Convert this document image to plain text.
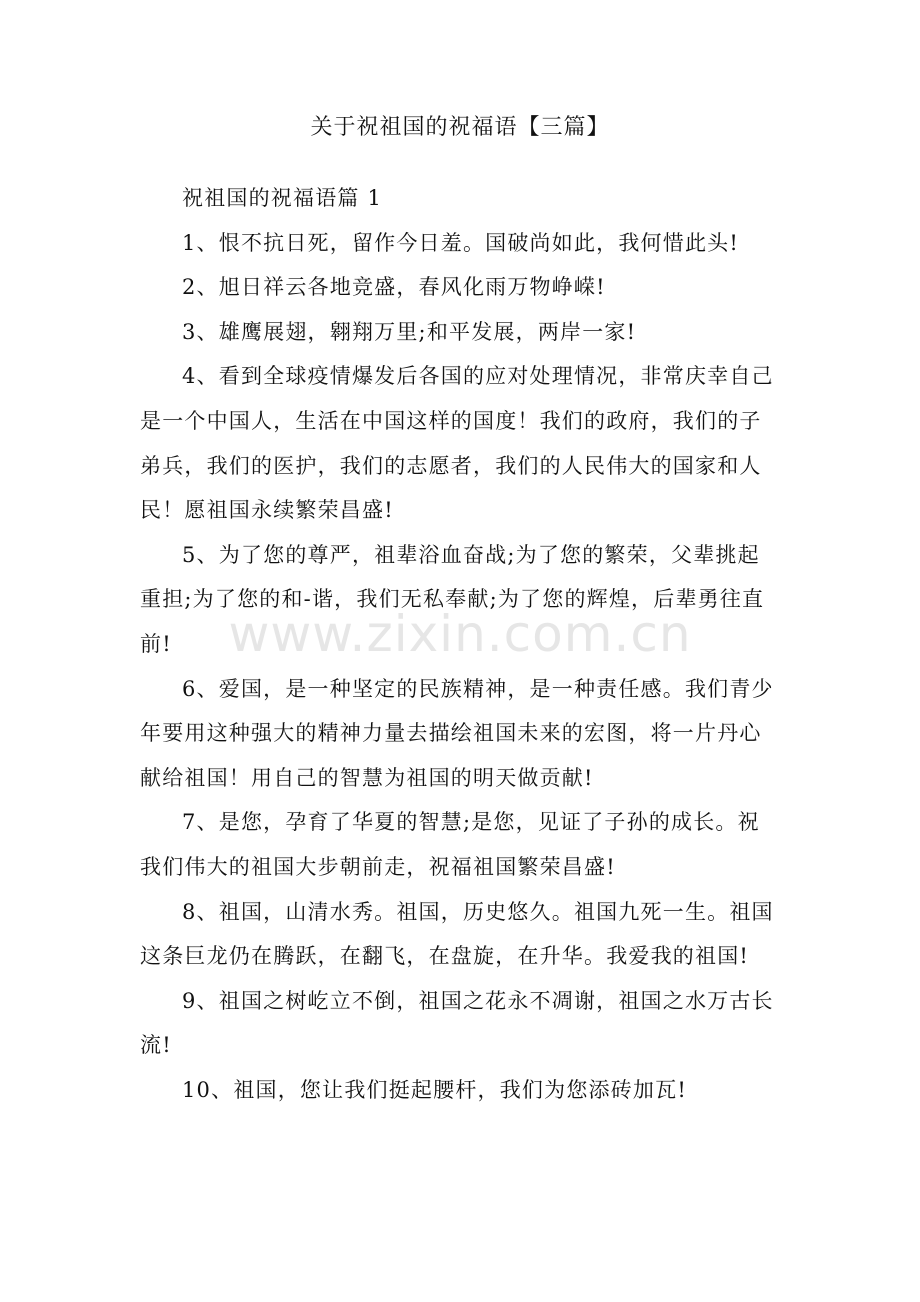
关于祝祖国的祝福语【三篇】

祝祖国的祝福语篇 1

1、恨不抗日死，留作今日羞。国破尚如此，我何惜此头!

2、旭日祥云各地竞盛，春风化雨万物峥嵘!

3、雄鹰展翅，翱翔万里;和平发展，两岸一家!

4、看到全球疫情爆发后各国的应对处理情况，非常庆幸自己是一个中国人，生活在中国这样的国度！我们的政府，我们的子弟兵，我们的医护，我们的志愿者，我们的人民伟大的国家和人民！愿祖国永续繁荣昌盛!

5、为了您的尊严，祖辈浴血奋战;为了您的繁荣，父辈挑起重担;为了您的和-谐，我们无私奉献;为了您的辉煌，后辈勇往直前!

6、爱国，是一种坚定的民族精神，是一种责任感。我们青少年要用这种强大的精神力量去描绘祖国未来的宏图，将一片丹心献给祖国！用自己的智慧为祖国的明天做贡献!

7、是您，孕育了华夏的智慧;是您，见证了子孙的成长。祝我们伟大的祖国大步朝前走，祝福祖国繁荣昌盛!

8、祖国，山清水秀。祖国，历史悠久。祖国九死一生。祖国这条巨龙仍在腾跃，在翻飞，在盘旋，在升华。我爱我的祖国!

9、祖国之树屹立不倒，祖国之花永不凋谢，祖国之水万古长流!

10、祖国，您让我们挺起腰杆，我们为您添砖加瓦!

www.zixin.com.cn
